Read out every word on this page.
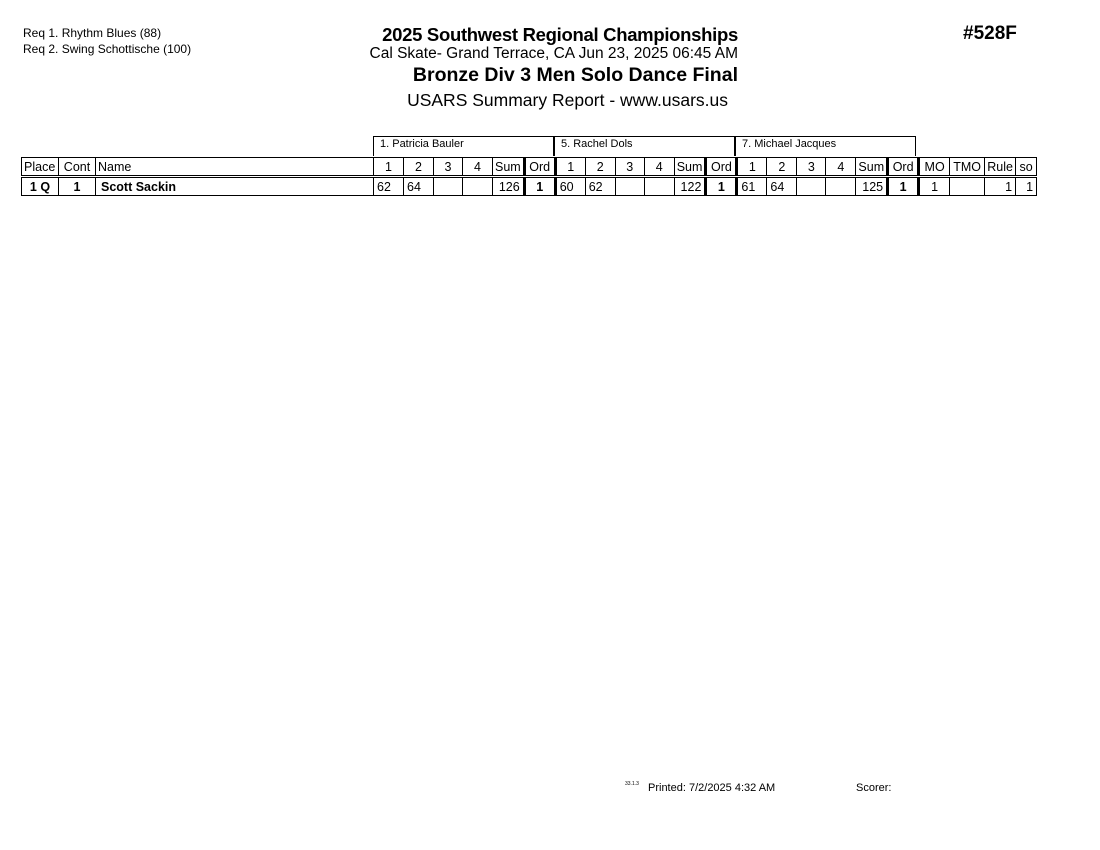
Req 1. Rhythm Blues (88)
Req 2. Swing Schottische (100)
2025 Southwest Regional Championships
Cal Skate- Grand Terrace, CA Jun 23, 2025 06:45 AM
Bronze Div 3 Men Solo Dance Final
USARS Summary Report - www.usars.us
#528F
1. Patricia Bauler	5. Rachel Dols	7. Michael Jacques
Place	Cont	Name	1	2	3	4	Sum	Ord	1	2	3	4	Sum	Ord	1	2	3	4	Sum	Ord	MO	TMO	Rule	so
1 Q	1	Scott Sackin	62	64			126	1	60	62			122	1	61	64			125	1	1		1	1
33.1.3 Printed: 7/2/2025 4:32 AM	Scorer:
